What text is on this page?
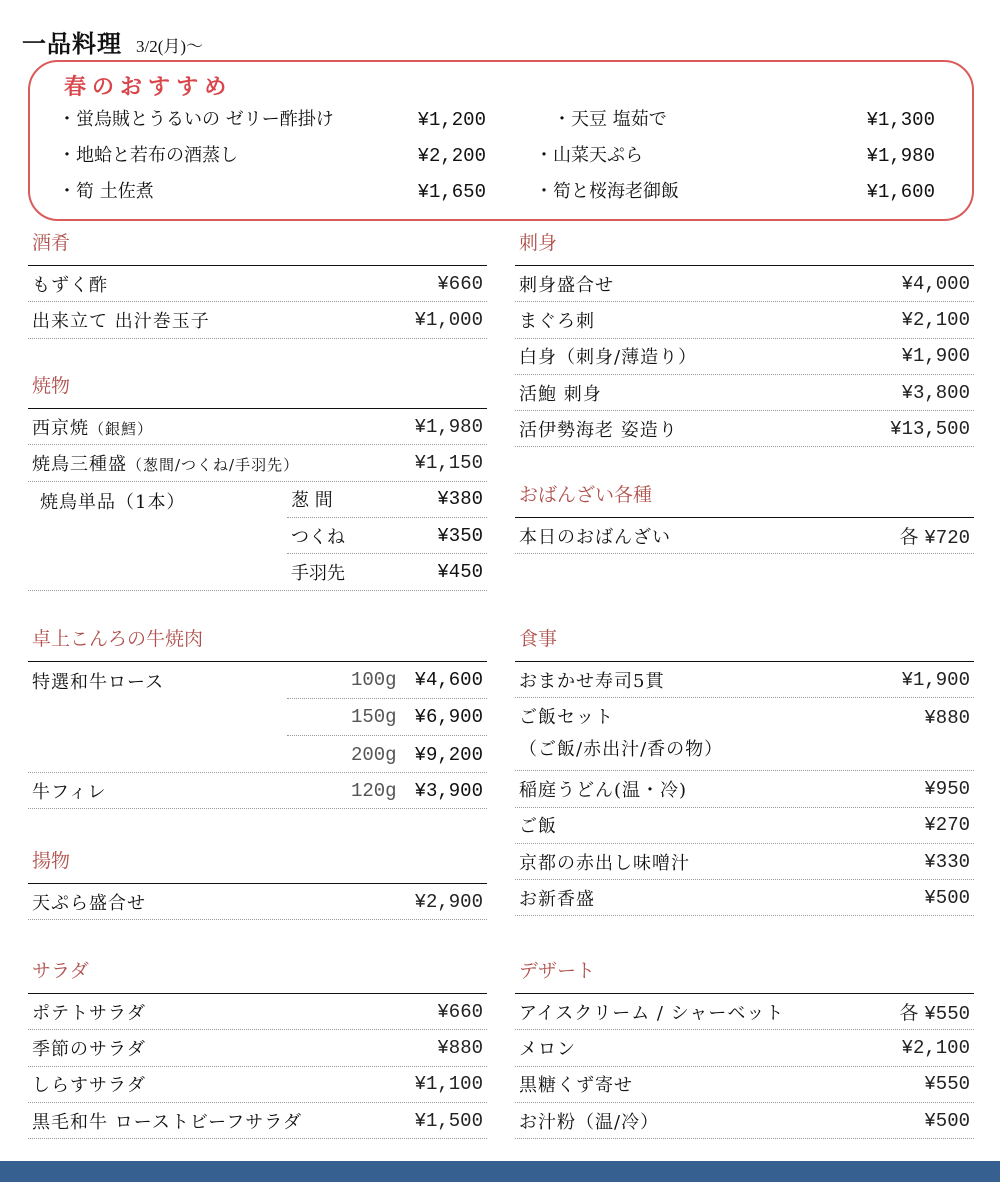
一品料理 3/2(月)〜
春のおすすめ
・蛍烏賊とうるいの ゼリー酢掛け	¥1,200
・地蛤と若布の酒蒸し	¥2,200
・筍 土佐煮	¥1,650
　・天豆 塩茹で	¥1,300
・山菜天ぷら	¥1,980
・筍と桜海老御飯	¥1,600
酒肴
もずく酢	¥660
出来立て 出汁巻玉子	¥1,000
焼物
西京焼（銀鱈）	¥1,980
焼鳥三種盛（葱間/つくね/手羽先）	¥1,150
焼鳥単品（1本）	葱 間	¥380
つくね	¥350
手羽先	¥450
卓上こんろの牛焼肉
特選和牛ロース	100g ¥4,600
150g ¥6,900
200g ¥9,200
牛フィレ	120g ¥3,900
揚物
天ぷら盛合せ	¥2,900
サラダ
ポテトサラダ	¥660
季節のサラダ	¥880
しらすサラダ	¥1,100
黒毛和牛 ローストビーフサラダ	¥1,500
刺身
刺身盛合せ	¥4,000
まぐろ刺	¥2,100
白身（刺身/薄造り）	¥1,900
活鮑 刺身	¥3,800
活伊勢海老 姿造り	¥13,500
おばんざい各種
本日のおばんざい	各 ¥720
食事
おまかせ寿司5貫	¥1,900
ご飯セット
（ご飯/赤出汁/香の物）
¥880
稲庭うどん(温・冷)	¥950
ご飯	¥270
京都の赤出し味噌汁	¥330
お新香盛	¥500
デザート
アイスクリーム / シャーベット	各 ¥550
メロン	¥2,100
黒糖くず寄せ	¥550
お汁粉（温/冷）	¥500
